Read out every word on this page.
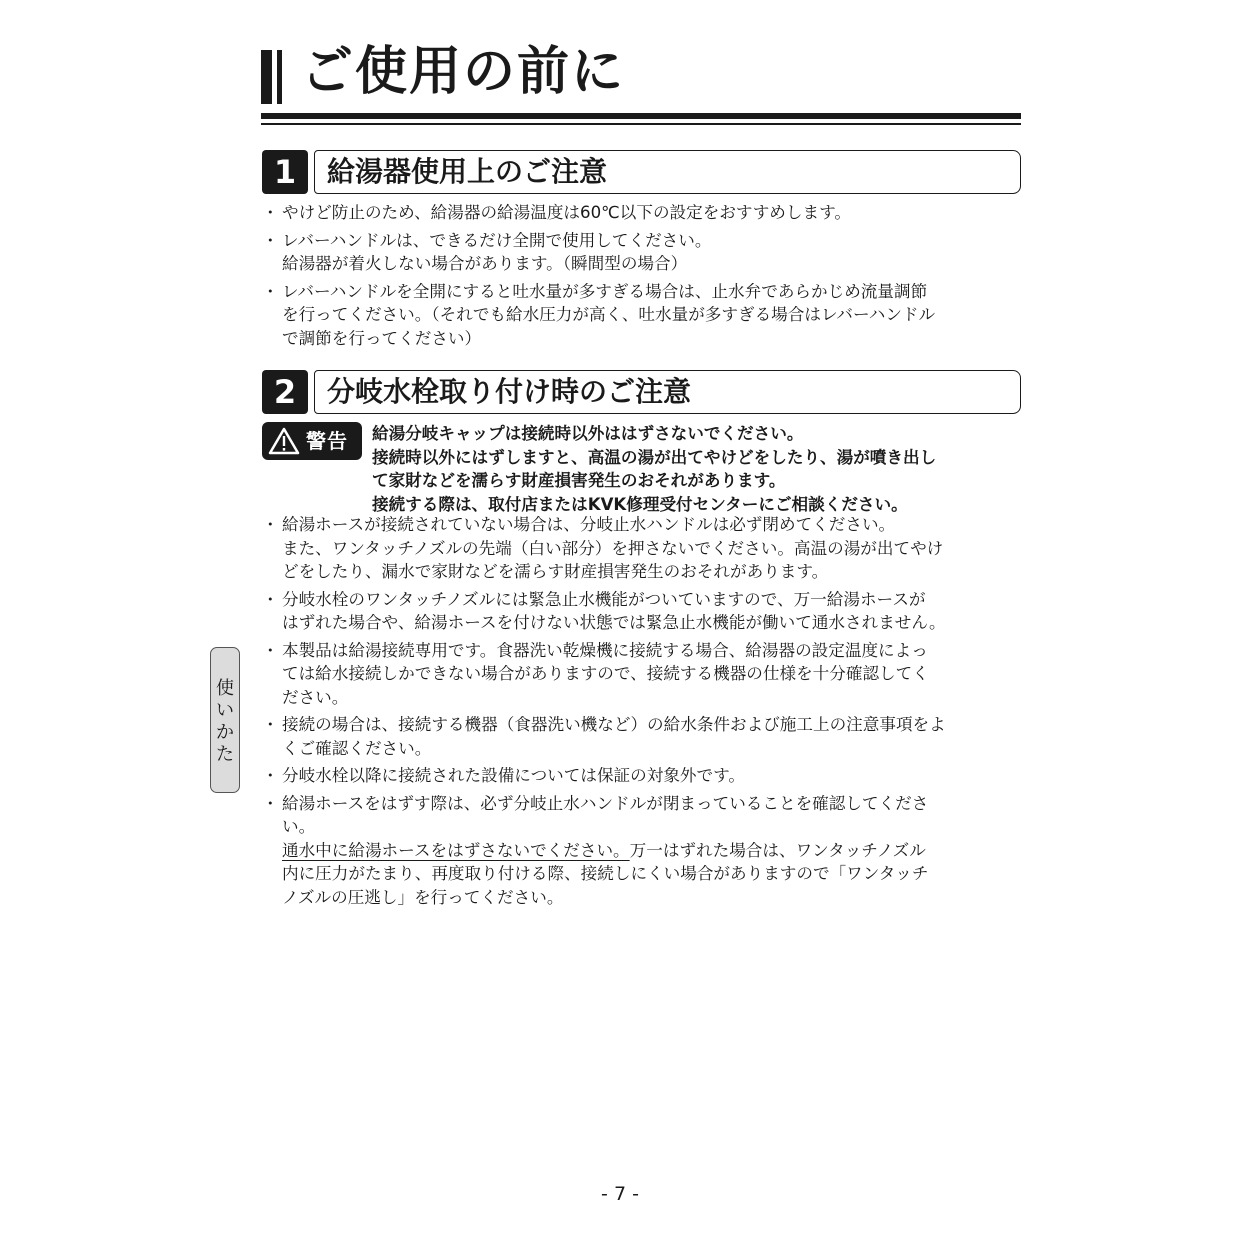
ご使用の前に
1	給湯器使用上のご注意
・ やけど防止のため、給湯器の給湯温度は60℃以下の設定をおすすめします。
・ レバーハンドルは、できるだけ全開で使用してください。
給湯器が着火しない場合があります。（瞬間型の場合）
・ レバーハンドルを全開にすると吐水量が多すぎる場合は、止水弁であらかじめ流量調節
を行ってください。（それでも給水圧力が高く、吐水量が多すぎる場合はレバーハンドル
で調節を行ってください）
2	分岐水栓取り付け時のご注意
警告 給湯分岐キャップは接続時以外ははずさないでください。
接続時以外にはずしますと、高温の湯が出てやけどをしたり、湯が噴き出し
て家財などを濡らす財産損害発生のおそれがあります。
接続する際は、取付店またはKVK修理受付センターにご相談ください。
・ 給湯ホースが接続されていない場合は、分岐止水ハンドルは必ず閉めてください。
また、ワンタッチノズルの先端（白い部分）を押さないでください。高温の湯が出てやけ
どをしたり、漏水で家財などを濡らす財産損害発生のおそれがあります。
・ 分岐水栓のワンタッチノズルには緊急止水機能がついていますので、万一給湯ホースが
はずれた場合や、給湯ホースを付けない状態では緊急止水機能が働いて通水されません。
・ 本製品は給湯接続専用です。食器洗い乾燥機に接続する場合、給湯器の設定温度によっ
ては給水接続しかできない場合がありますので、接続する機器の仕様を十分確認してく
ださい。
・ 接続の場合は、接続する機器（食器洗い機など）の給水条件および施工上の注意事項をよ
くご確認ください。
・ 分岐水栓以降に接続された設備については保証の対象外です。
・ 給湯ホースをはずす際は、必ず分岐止水ハンドルが閉まっていることを確認してくださ
い。
通水中に給湯ホースをはずさないでください。万一はずれた場合は、ワンタッチノズル
内に圧力がたまり、再度取り付ける際、接続しにくい場合がありますので「ワンタッチ
ノズルの圧逃し」を行ってください。
使
い
か
た
- 7 -
